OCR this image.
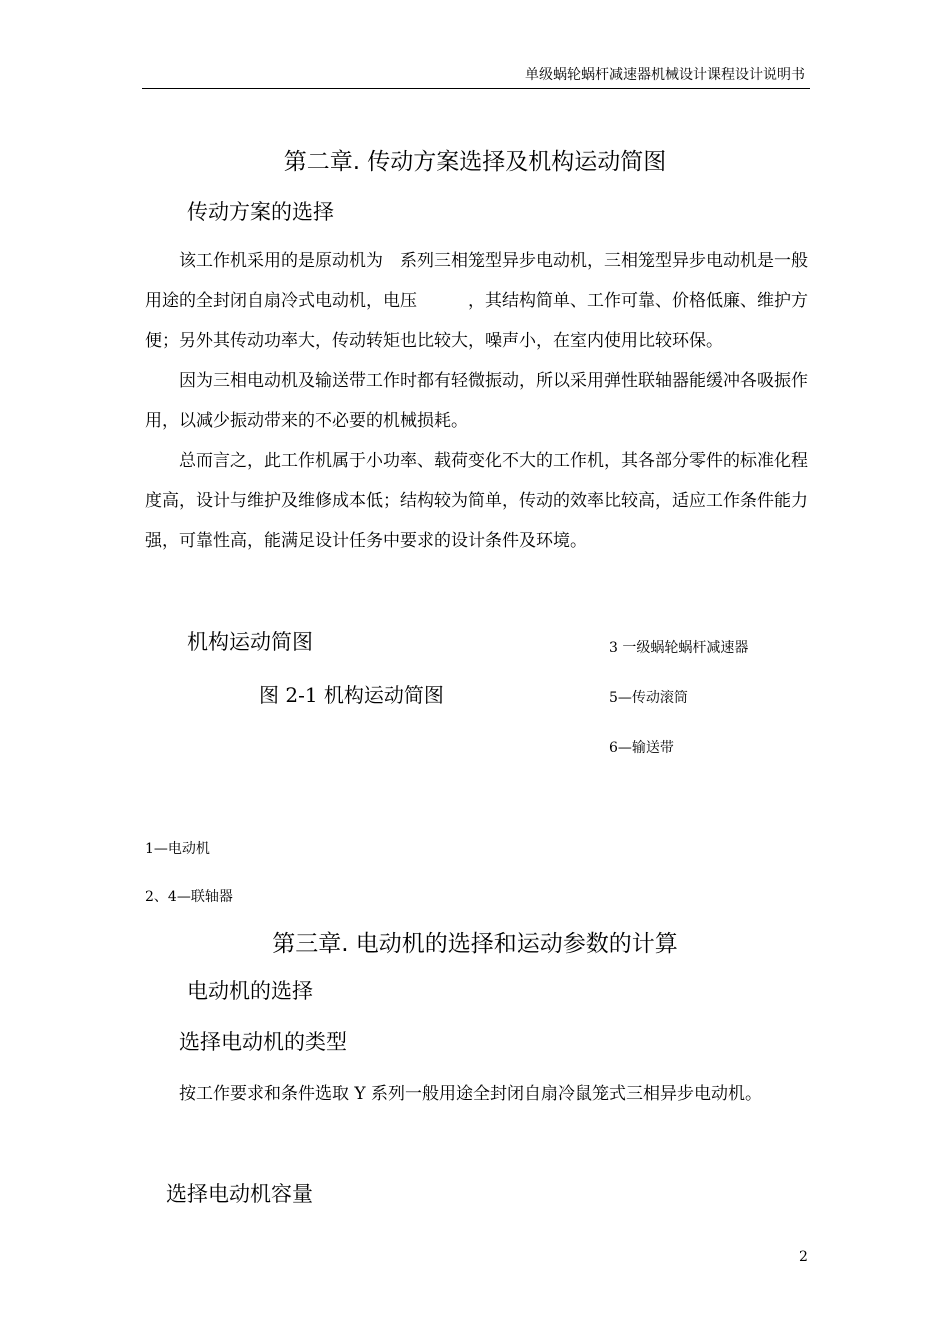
单级蜗轮蜗杆减速器机械设计课程设计说明书
第二章. 传动方案选择及机构运动简图
传动方案的选择

该工作机采用的是原动机为　系列三相笼型异步电动机，三相笼型异步电动机是一般用途的全封闭自扇冷式电动机，电压　　　，其结构简单、工作可靠、价格低廉、维护方便；另外其传动功率大，传动转矩也比较大，噪声小，在室内使用比较环保。

因为三相电动机及输送带工作时都有轻微振动，所以采用弹性联轴器能缓冲各吸振作用，以减少振动带来的不必要的机械损耗。

总而言之，此工作机属于小功率、载荷变化不大的工作机，其各部分零件的标准化程度高，设计与维护及维修成本低；结构较为简单，传动的效率比较高，适应工作条件能力强，可靠性高，能满足设计任务中要求的设计条件及环境。

机构运动简图	3 一级蜗轮蜗杆减速器
图 2-1 机构运动简图	5—传动滚筒
6—输送带
1—电动机
2、4—联轴器
第三章. 电动机的选择和运动参数的计算
电动机的选择
选择电动机的类型

按工作要求和条件选取 Y 系列一般用途全封闭自扇冷鼠笼式三相异步电动机。

选择电动机容量
2
